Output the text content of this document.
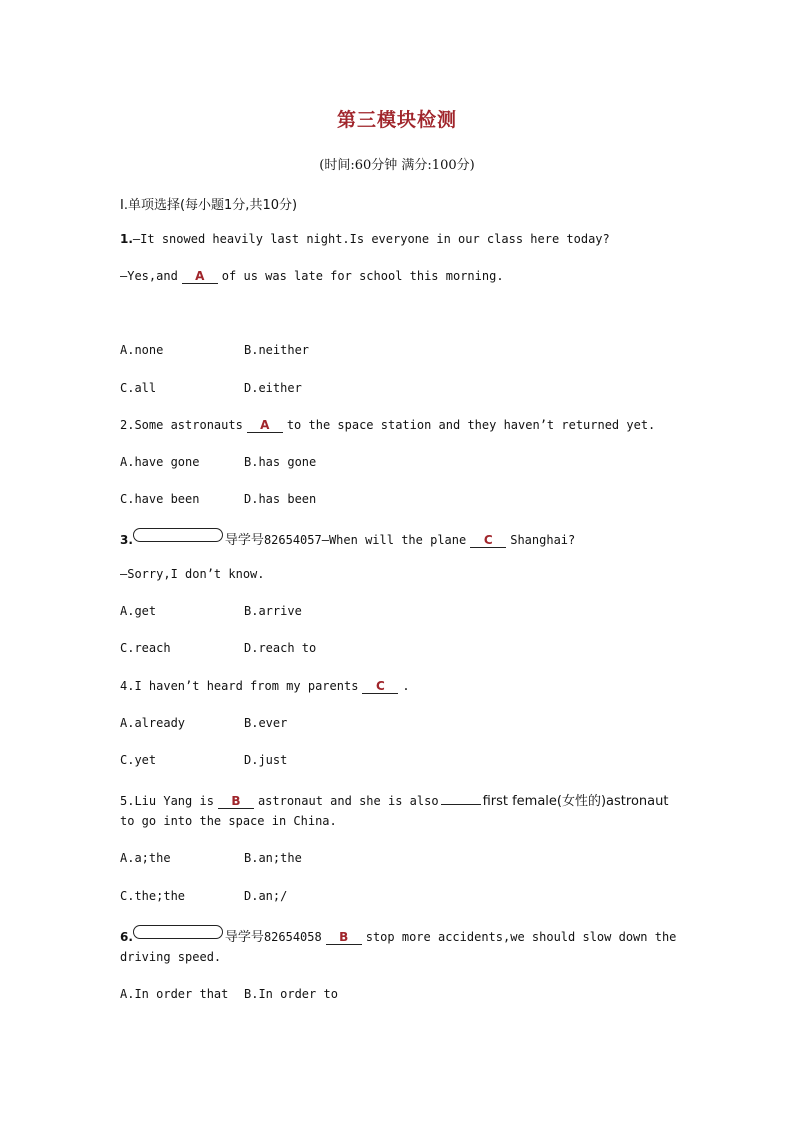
第三模块检测
(时间:60分钟 满分:100分)
Ⅰ.单项选择(每小题1分,共10分)
1.—It snowed heavily last night.Is everyone in our class here today?
—Yes,and A of us was late for school this morning.
A.none	B.neither
C.all	D.either
2.Some astronauts A to the space station and they haven’t returned yet.
A.have gone	B.has gone
C.have been	D.has been
3.	导学号82654057—When will the plane C Shanghai?
—Sorry,I don’t know.
A.get	B.arrive
C.reach	D.reach to
4.I haven’t heard from my parents C .
A.already	B.ever
C.yet	D.just
5.Liu Yang is B astronaut and she is also	first female(女性的)astronaut
to go into the space in China.
A.a;the	B.an;the
C.the;the	D.an;/
6.	导学号82654058 B stop more accidents,we should slow down the
driving speed.
A.In order that B.In order to
